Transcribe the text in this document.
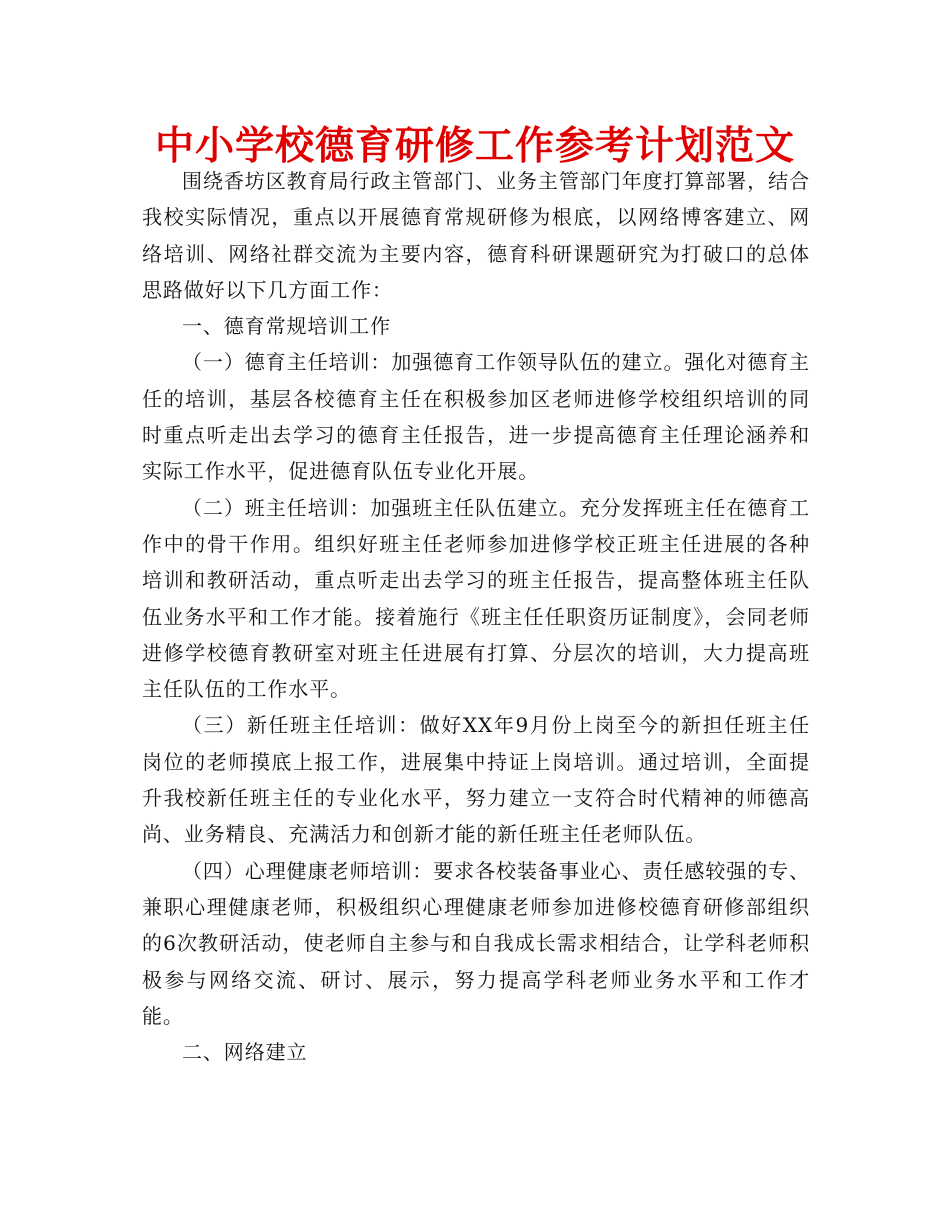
中小学校德育研修工作参考计划范文

围绕香坊区教育局行政主管部门、业务主管部门年度打算部署，结合我校实际情况，重点以开展德育常规研修为根底，以网络博客建立、网络培训、网络社群交流为主要内容，德育科研课题研究为打破口的总体思路做好以下几方面工作：

一、德育常规培训工作

（一）德育主任培训：加强德育工作领导队伍的建立。强化对德育主任的培训，基层各校德育主任在积极参加区老师进修学校组织培训的同时重点听走出去学习的德育主任报告，进一步提高德育主任理论涵养和实际工作水平，促进德育队伍专业化开展。

（二）班主任培训：加强班主任队伍建立。充分发挥班主任在德育工作中的骨干作用。组织好班主任老师参加进修学校正班主任进展的各种培训和教研活动，重点听走出去学习的班主任报告，提高整体班主任队伍业务水平和工作才能。接着施行《班主任任职资历证制度》，会同老师进修学校德育教研室对班主任进展有打算、分层次的培训，大力提高班主任队伍的工作水平。

（三）新任班主任培训：做好XX年9月份上岗至今的新担任班主任岗位的老师摸底上报工作，进展集中持证上岗培训。通过培训，全面提升我校新任班主任的专业化水平，努力建立一支符合时代精神的师德高尚、业务精良、充满活力和创新才能的新任班主任老师队伍。

（四）心理健康老师培训：要求各校装备事业心、责任感较强的专、兼职心理健康老师，积极组织心理健康老师参加进修校德育研修部组织的6次教研活动，使老师自主参与和自我成长需求相结合，让学科老师积极参与网络交流、研讨、展示，努力提高学科老师业务水平和工作才能。

二、网络建立
